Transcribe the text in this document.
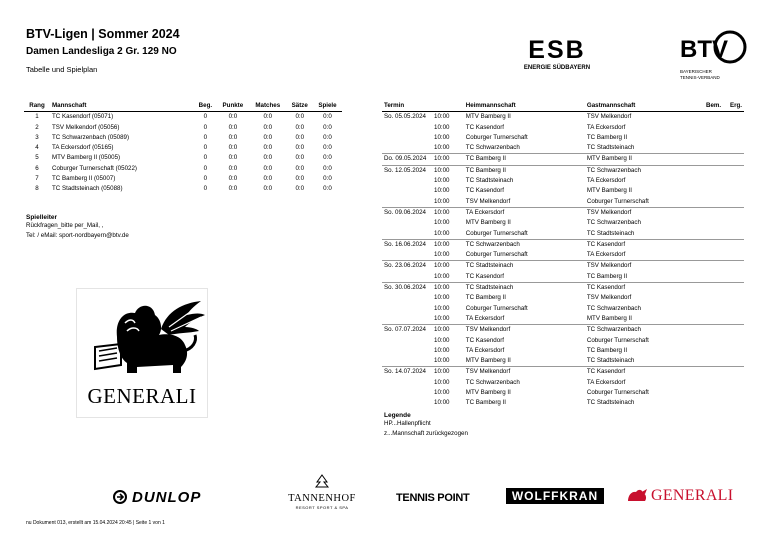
BTV-Ligen | Sommer 2024
Damen Landesliga 2 Gr. 129 NO
Tabelle und Spielplan
ESB
ENERGIE SÜDBAYERN
BTV
BAYERISCHER
TENNIS-VERBAND
Rang	Mannschaft	Beg.	Punkte	Matches	Sätze	Spiele
1	TC Kasendorf (05071)	0	0:0	0:0	0:0	0:0
2	TSV Melkendorf (05056)	0	0:0	0:0	0:0	0:0
3	TC Schwarzenbach (05089)	0	0:0	0:0	0:0	0:0
4	TA Eckersdorf (05165)	0	0:0	0:0	0:0	0:0
5	MTV Bamberg II (05005)	0	0:0	0:0	0:0	0:0
6	Coburger Turnerschaft (05022)	0	0:0	0:0	0:0	0:0
7	TC Bamberg II (05007)	0	0:0	0:0	0:0	0:0
8	TC Stadtsteinach (05088)	0	0:0	0:0	0:0	0:0
Spielleiter
Rückfragen_bitte per_Mail, ,
Tel: / eMail: sport-nordbayern@btv.de
GENERALI
Termin	Heimmannschaft	Gastmannschaft	Bem.	Erg.
So. 05.05.2024 10:00	MTV Bamberg II	TSV Melkendorf		
10:00	TC Kasendorf	TA Eckersdorf		
10:00	Coburger Turnerschaft	TC Bamberg II		
10:00	TC Schwarzenbach	TC Stadtsteinach		
Do. 09.05.2024 10:00	TC Bamberg II	MTV Bamberg II		
So. 12.05.2024 10:00	TC Bamberg II	TC Schwarzenbach		
10:00	TC Stadtsteinach	TA Eckersdorf		
10:00	TC Kasendorf	MTV Bamberg II		
10:00	TSV Melkendorf	Coburger Turnerschaft		
So. 09.06.2024 10:00	TA Eckersdorf	TSV Melkendorf		
10:00	MTV Bamberg II	TC Schwarzenbach		
10:00	Coburger Turnerschaft	TC Stadtsteinach		
So. 16.06.2024 10:00	TC Schwarzenbach	TC Kasendorf		
10:00	Coburger Turnerschaft	TA Eckersdorf		
So. 23.06.2024 10:00	TC Stadtsteinach	TSV Melkendorf		
10:00	TC Kasendorf	TC Bamberg II		
So. 30.06.2024 10:00	TC Stadtsteinach	TC Kasendorf		
10:00	TC Bamberg II	TSV Melkendorf		
10:00	Coburger Turnerschaft	TC Schwarzenbach		
10:00	TA Eckersdorf	MTV Bamberg II		
So. 07.07.2024 10:00	TSV Melkendorf	TC Schwarzenbach		
10:00	TC Kasendorf	Coburger Turnerschaft		
10:00	TA Eckersdorf	TC Bamberg II		
10:00	MTV Bamberg II	TC Stadtsteinach		
So. 14.07.2024 10:00	TSV Melkendorf	TC Kasendorf		
10:00	TC Schwarzenbach	TA Eckersdorf		
10:00	MTV Bamberg II	Coburger Turnerschaft		
10:00	TC Bamberg II	TC Stadtsteinach		
Legende
HP...Hallenpflicht
z...Mannschaft zurückgezogen
DUNLOP	TANNENHOF
RESORT SPORT & SPA
TENNIS POINT	WOLFFKRAN	GENERALI
nu Dokument 013, erstellt am 15.04.2024 20:45 | Seite 1 von 1
